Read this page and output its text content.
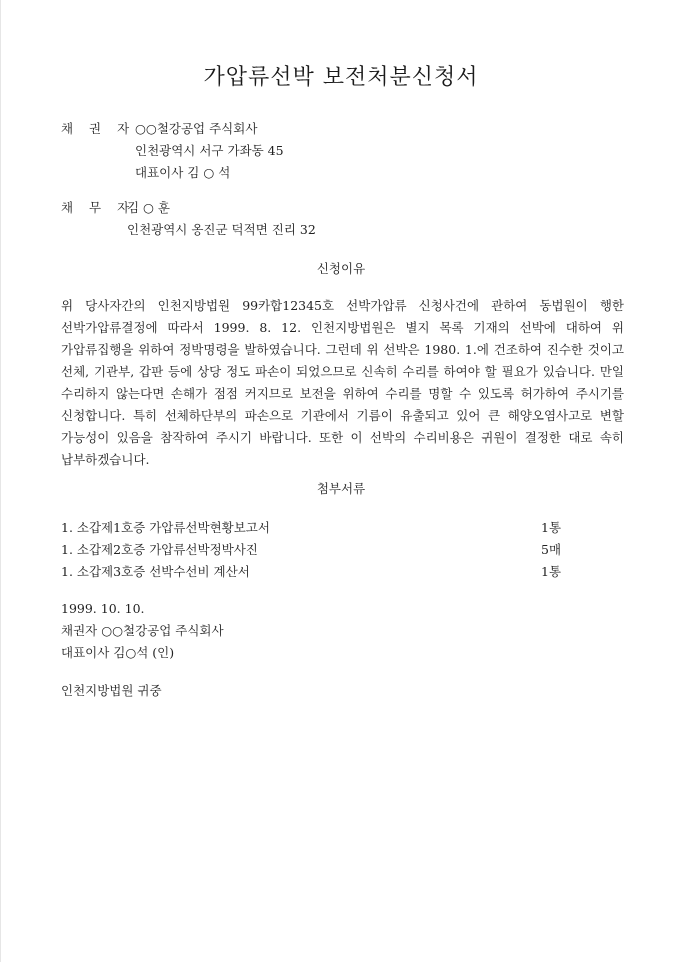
가압류선박 보전처분신청서
채 권 자 ○○철강공업 주식회사
인천광역시 서구 가좌동 45
대표이사 김 ○ 석
채 무 자
김 ○ 훈
인천광역시 옹진군 덕적면 진리 32
신청이유
위 당사자간의 인천지방법원 99카합12345호 선박가압류 신청사건에 관하여 동법원이 행한 선박가압류결정에 따라서 1999. 8. 12. 인천지방법원은 별지 목록 기재의 선박에 대하여 위 가압류집행을 위하여 정박명령을 발하였습니다. 그런데 위 선박은 1980. 1.에 건조하여 진수한 것이고 선체, 기관부, 갑판 등에 상당 정도 파손이 되었으므로 신속히 수리를 하여야 할 필요가 있습니다. 만일 수리하지 않는다면 손해가 점점 커지므로 보전을 위하여 수리를 명할 수 있도록 허가하여 주시기를 신청합니다. 특히 선체하단부의 파손으로 기관에서 기름이 유출되고 있어 큰 해양오염사고로 변할 가능성이 있음을 참작하여 주시기 바랍니다. 또한 이 선박의 수리비용은 귀원이 결정한 대로 속히 납부하겠습니다.
첨부서류
1. 소갑제1호증 가압류선박현황보고서	1통
1. 소갑제2호증 가압류선박정박사진	5매
1. 소갑제3호증 선박수선비 계산서	1통
1999. 10. 10.
채권자 ○○철강공업 주식회사
대표이사 김○석 (인)
인천지방법원 귀중
